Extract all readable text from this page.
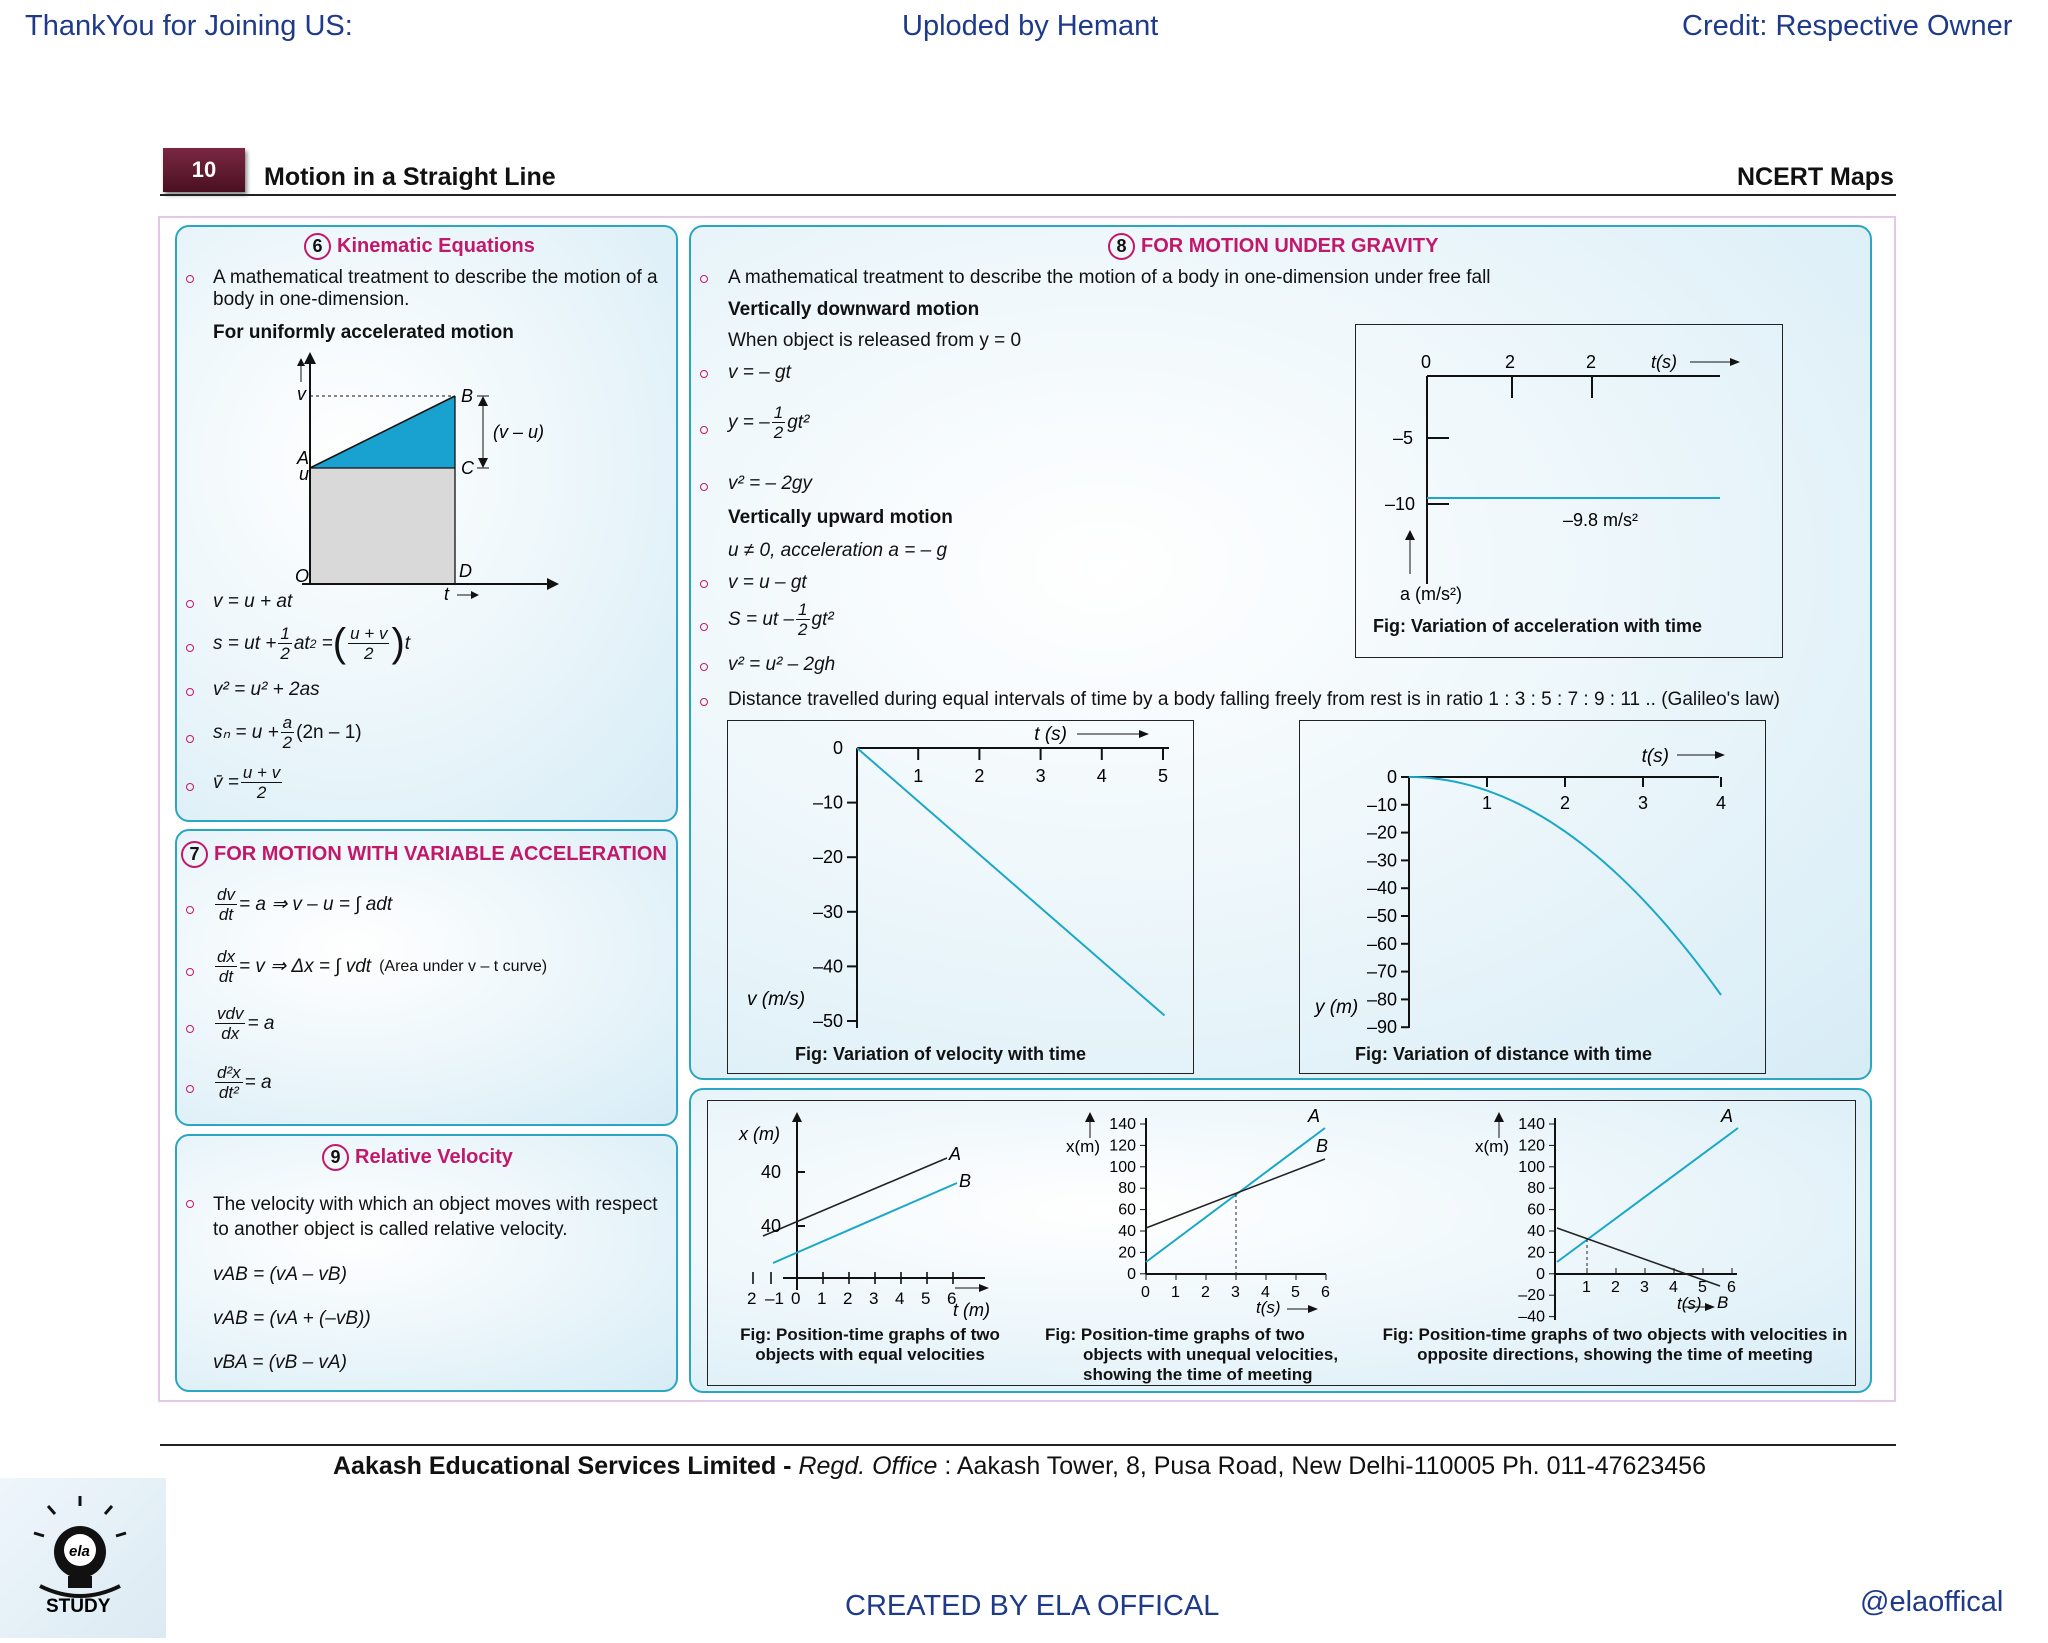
ThankYou for Joining US:	Uploded by Hemant	Credit: Respective Owner
10	Motion in a Straight Line	NCERT Maps
6 Kinematic Equations
A mathematical treatment to describe the motion of a
body in one-dimension.
For uniformly accelerated motion
v
u
A
B
C
D
O
t
(v – u)
v = u + at
s = ut + $\frac{1}{2}$ at 2
= ( u + v
2 ) t
v² = u² + 2as
$s_n = u + \frac{a}{2} (2n - 1)$
v̄ = $\frac{u + v}{2}$
7 FOR MOTION WITH VARIABLE ACCELERATION
$\frac{dv}{dt} = a$ ⇒ v – u = ∫ adt
$\frac{dx}{dt} = v$ ⇒ Δx = ∫ vdt (Area under v – t curve)
vdv
dx = a
$\frac{\text{d²x}}{\text{dt²}} = a$
9 Relative Velocity
The velocity with which an object moves with respect
to another object is called relative velocity.
vAB = (vA – vB)
vAB = (vA + (–vB))
vBA = (vB – vA)
8 FOR MOTION UNDER GRAVITY
A mathematical treatment to describe the motion of a body in one-dimension under free fall
Vertically downward motion
When object is released from y = 0
v = – gt
y = – 1
2 gt²
v² = – 2gy
Vertically upward motion
u ≠ 0, acceleration a = – g
v = u – gt
S = ut – 1
2 gt²
v² = u² – 2gh
Distance travelled during equal intervals of time by a body falling freely from rest is in ratio 1 : 3 : 5 : 7 : 9 : 11 .. (Galileo's law)
0	2	2	t(s)
–5
–10
–9.8 m/s²
a (m/s²)
Fig: Variation of acceleration with time
t (s)
v (m/s)
1	2	3	4	5
0
–10
–20
–30
–40
–50
Fig: Variation of velocity with time
t(s)
y (m)
1	2	3	4
0
–10
–20
–30
–40
–50
–60
–70
–80
–90
Fig: Variation of distance with time
2 –1 0 1 2 3 4 5 6
x (m)
40
40
A
B
t (m)
Fig: Position-time graphs of two
objects with equal velocities
140
120
100
80
60
40
20
0
0 1 2 3 4 5 6
x(m)
A
B
t(s)
Fig: Position-time graphs of two
objects with unequal velocities,
showing the time of meeting
140
120
100
80
60
40
20
0
–20
–40
1 2 3 4 5 6
x(m)
A
B
t(s)
Fig: Position-time graphs of two objects with velocities in
opposite directions, showing the time of meeting
Aakash Educational Services Limited - Regd. Office : Aakash Tower, 8, Pusa Road, New Delhi-110005 Ph. 011-47623456
ela
STUDY	CREATED BY ELA OFFICAL	@elaoffical
